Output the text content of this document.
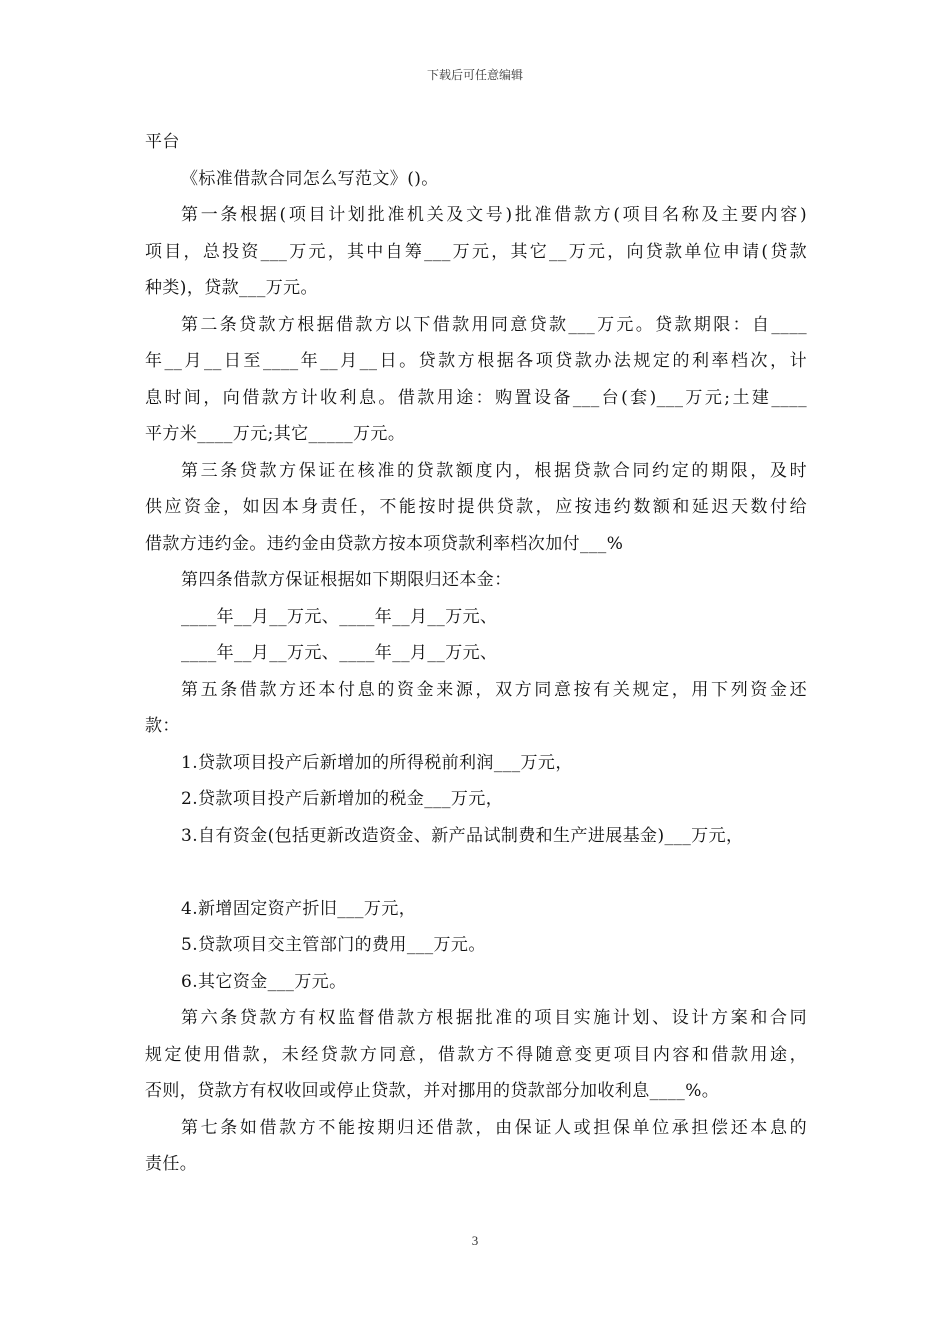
下载后可任意编辑
平台
《标准借款合同怎么写范文》()。
第一条根据(项目计划批准机关及文号)批准借款方(项目名称及主要内容)
项目，总投资___万元，其中自筹___万元，其它__万元，向贷款单位申请(贷款
种类)，贷款___万元。
第二条贷款方根据借款方以下借款用同意贷款___万元。贷款期限：自____
年__月__日至____年__月__日。贷款方根据各项贷款办法规定的利率档次，计
息时间，向借款方计收利息。借款用途：购置设备___台(套)___万元;土建____
平方米____万元;其它_____万元。
第三条贷款方保证在核准的贷款额度内，根据贷款合同约定的期限，及时
供应资金，如因本身责任，不能按时提供贷款，应按违约数额和延迟天数付给
借款方违约金。违约金由贷款方按本项贷款利率档次加付___%
第四条借款方保证根据如下期限归还本金：
____年__月__万元、____年__月__万元、
____年__月__万元、____年__月__万元、
第五条借款方还本付息的资金来源，双方同意按有关规定，用下列资金还
款：
1.贷款项目投产后新增加的所得税前利润___万元，
2.贷款项目投产后新增加的税金___万元，
3.自有资金(包括更新改造资金、新产品试制费和生产进展基金)___万元，
4.新增固定资产折旧___万元，
5.贷款项目交主管部门的费用___万元。
6.其它资金___万元。
第六条贷款方有权监督借款方根据批准的项目实施计划、设计方案和合同
规定使用借款，未经贷款方同意，借款方不得随意变更项目内容和借款用途，
否则，贷款方有权收回或停止贷款，并对挪用的贷款部分加收利息____%。
第七条如借款方不能按期归还借款，由保证人或担保单位承担偿还本息的
责任。
3
